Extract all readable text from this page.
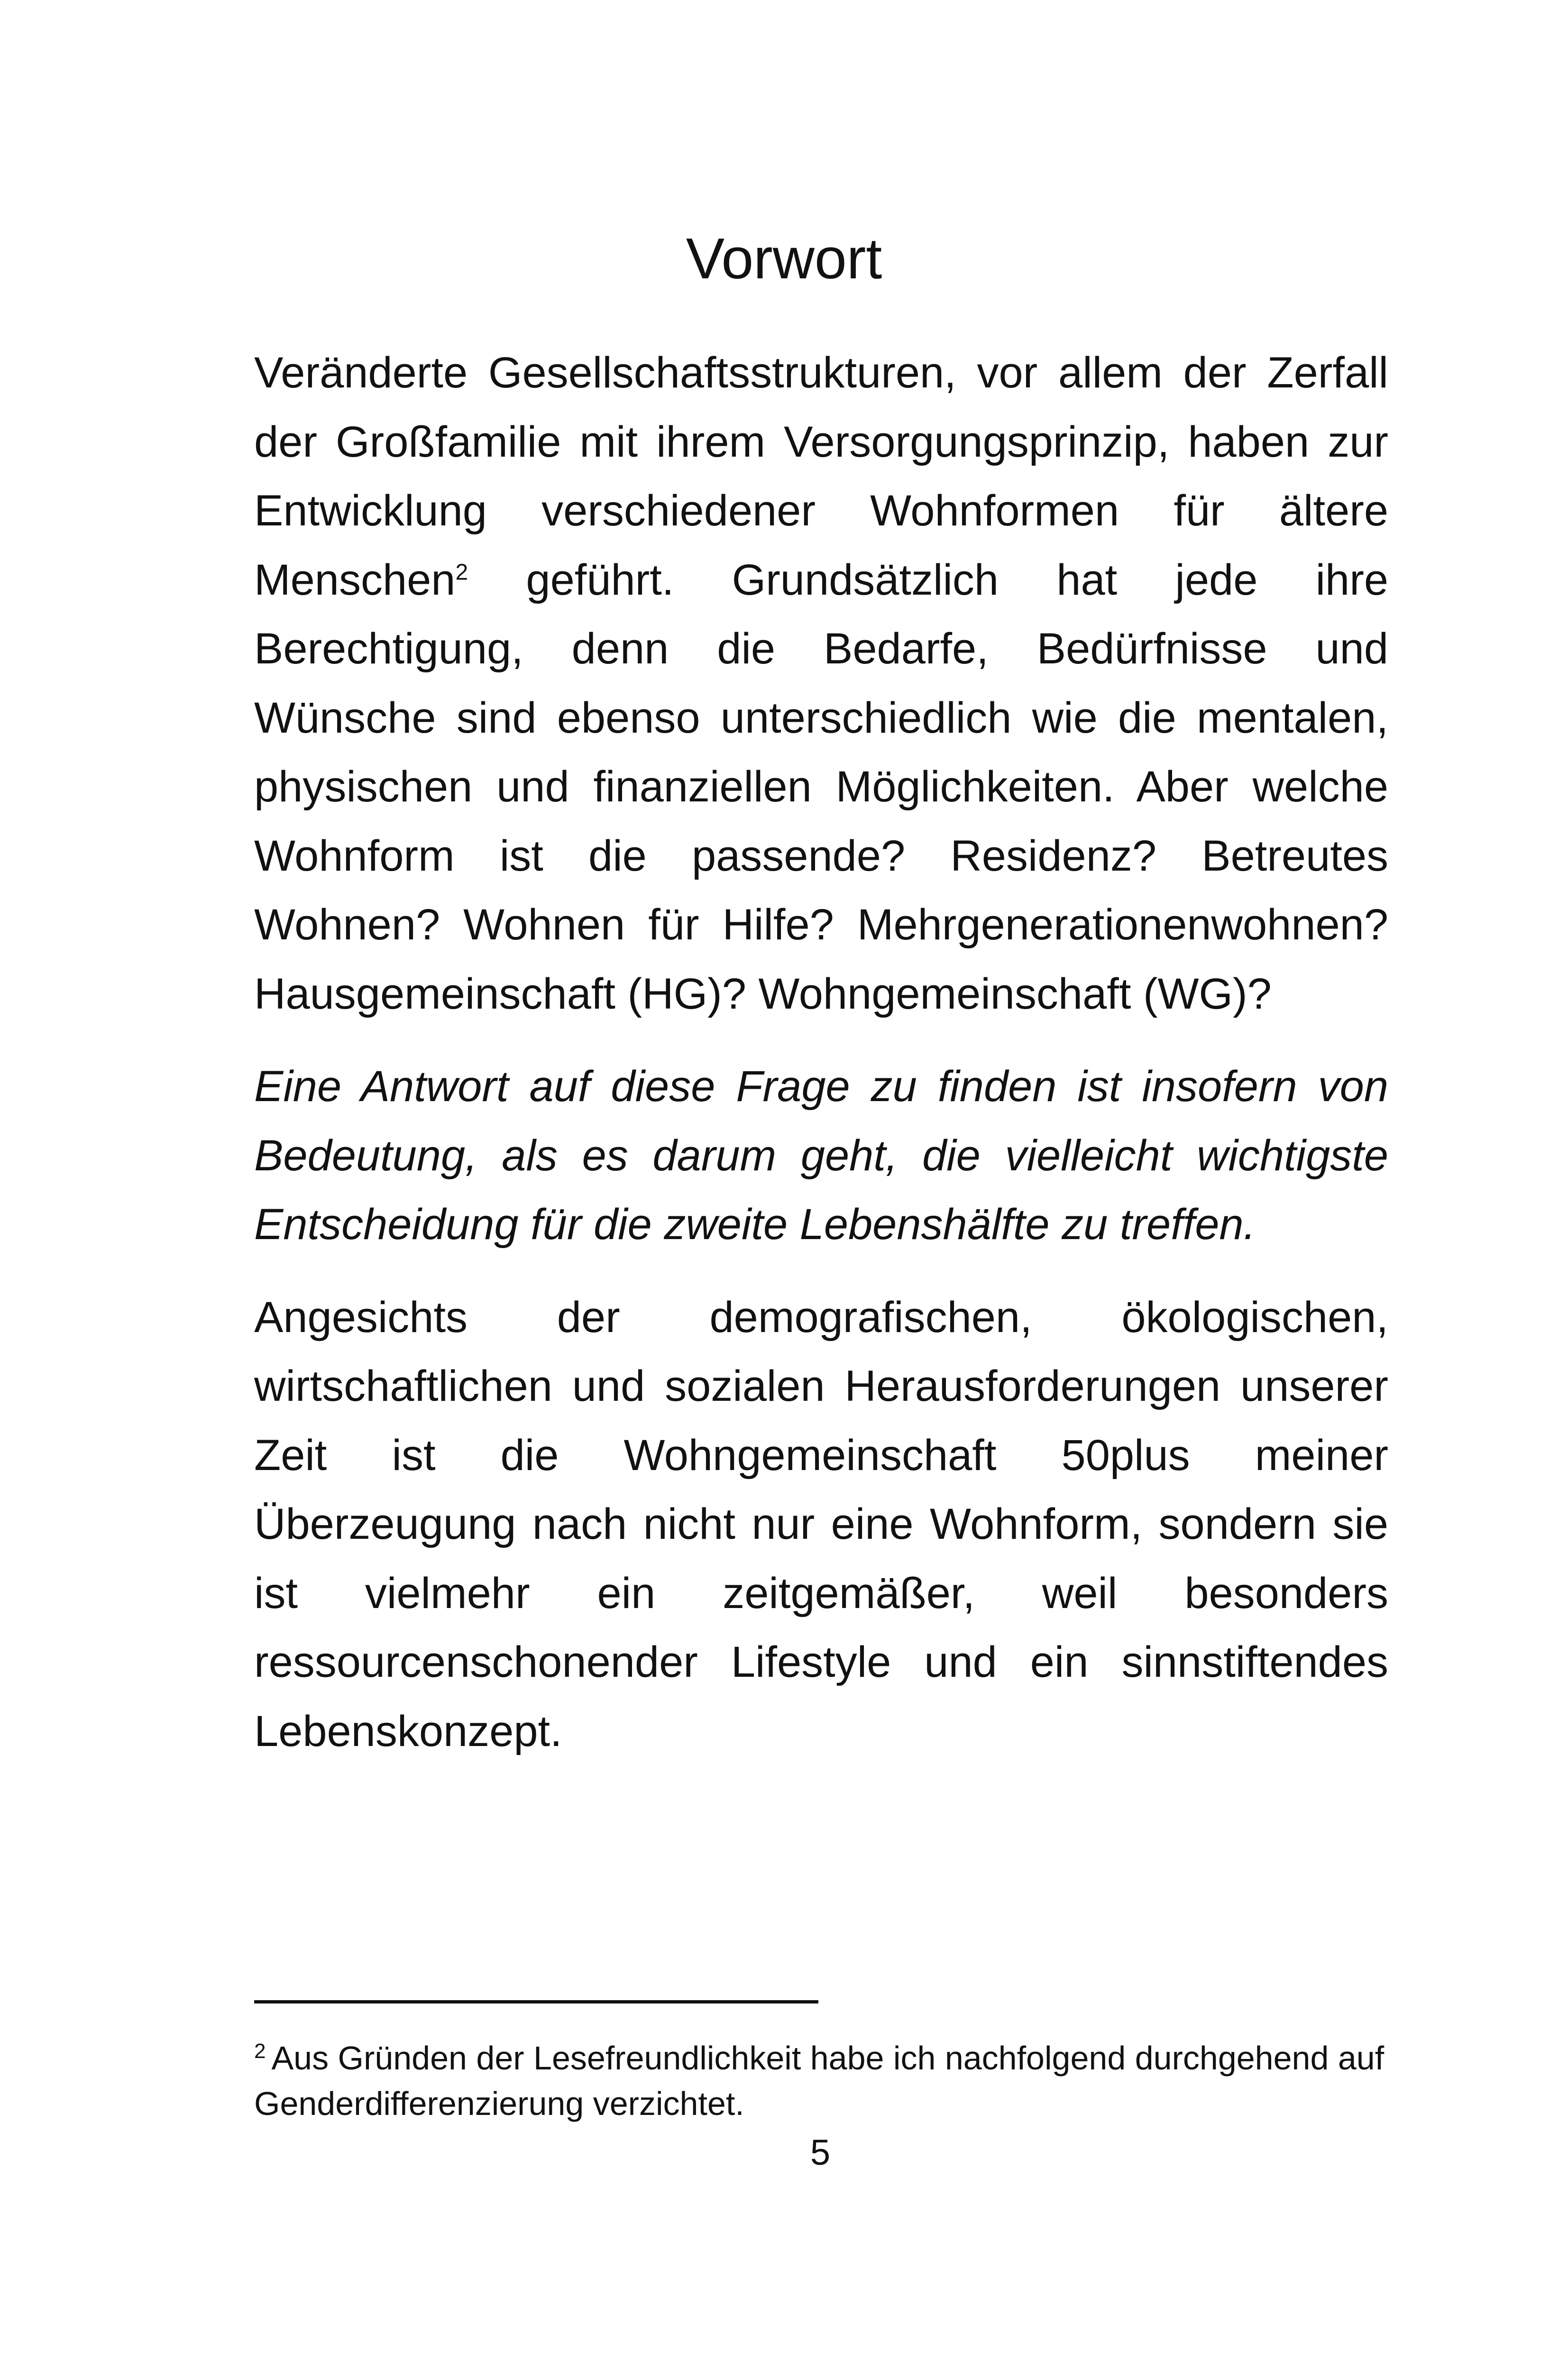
Vorwort

Veränderte Gesellschaftsstrukturen, vor allem der Zerfall der Großfamilie mit ihrem Versorgungsprinzip, haben zur Entwicklung verschiedener Wohnformen für ältere Menschen$^2$ geführt. Grundsätzlich hat jede ihre Berechtigung, denn die Bedarfe, Bedürfnisse und Wünsche sind ebenso unterschiedlich wie die mentalen, physischen und finanziellen Möglichkeiten. Aber welche Wohnform ist die passende? Residenz? Betreutes Wohnen? Wohnen für Hilfe? Mehrgenerationenwohnen? Hausgemeinschaft (HG)? Wohngemeinschaft (WG)?

Eine Antwort auf diese Frage zu finden ist insofern von Bedeutung, als es darum geht, die vielleicht wichtigste Entscheidung für die zweite Lebenshälfte zu treffen.

Angesichts der demografischen, ökologischen, wirtschaftlichen und sozialen Herausforderungen unserer Zeit ist die Wohngemeinschaft 50plus meiner Überzeugung nach nicht nur eine Wohnform, sondern sie ist vielmehr ein zeitgemäßer, weil besonders ressourcenschonender Lifestyle und ein sinnstiftendes Lebenskonzept.

$^2$ Aus Gründen der Lesefreundlichkeit habe ich nachfolgend durchgehend auf Genderdifferenzierung verzichtet.

5
